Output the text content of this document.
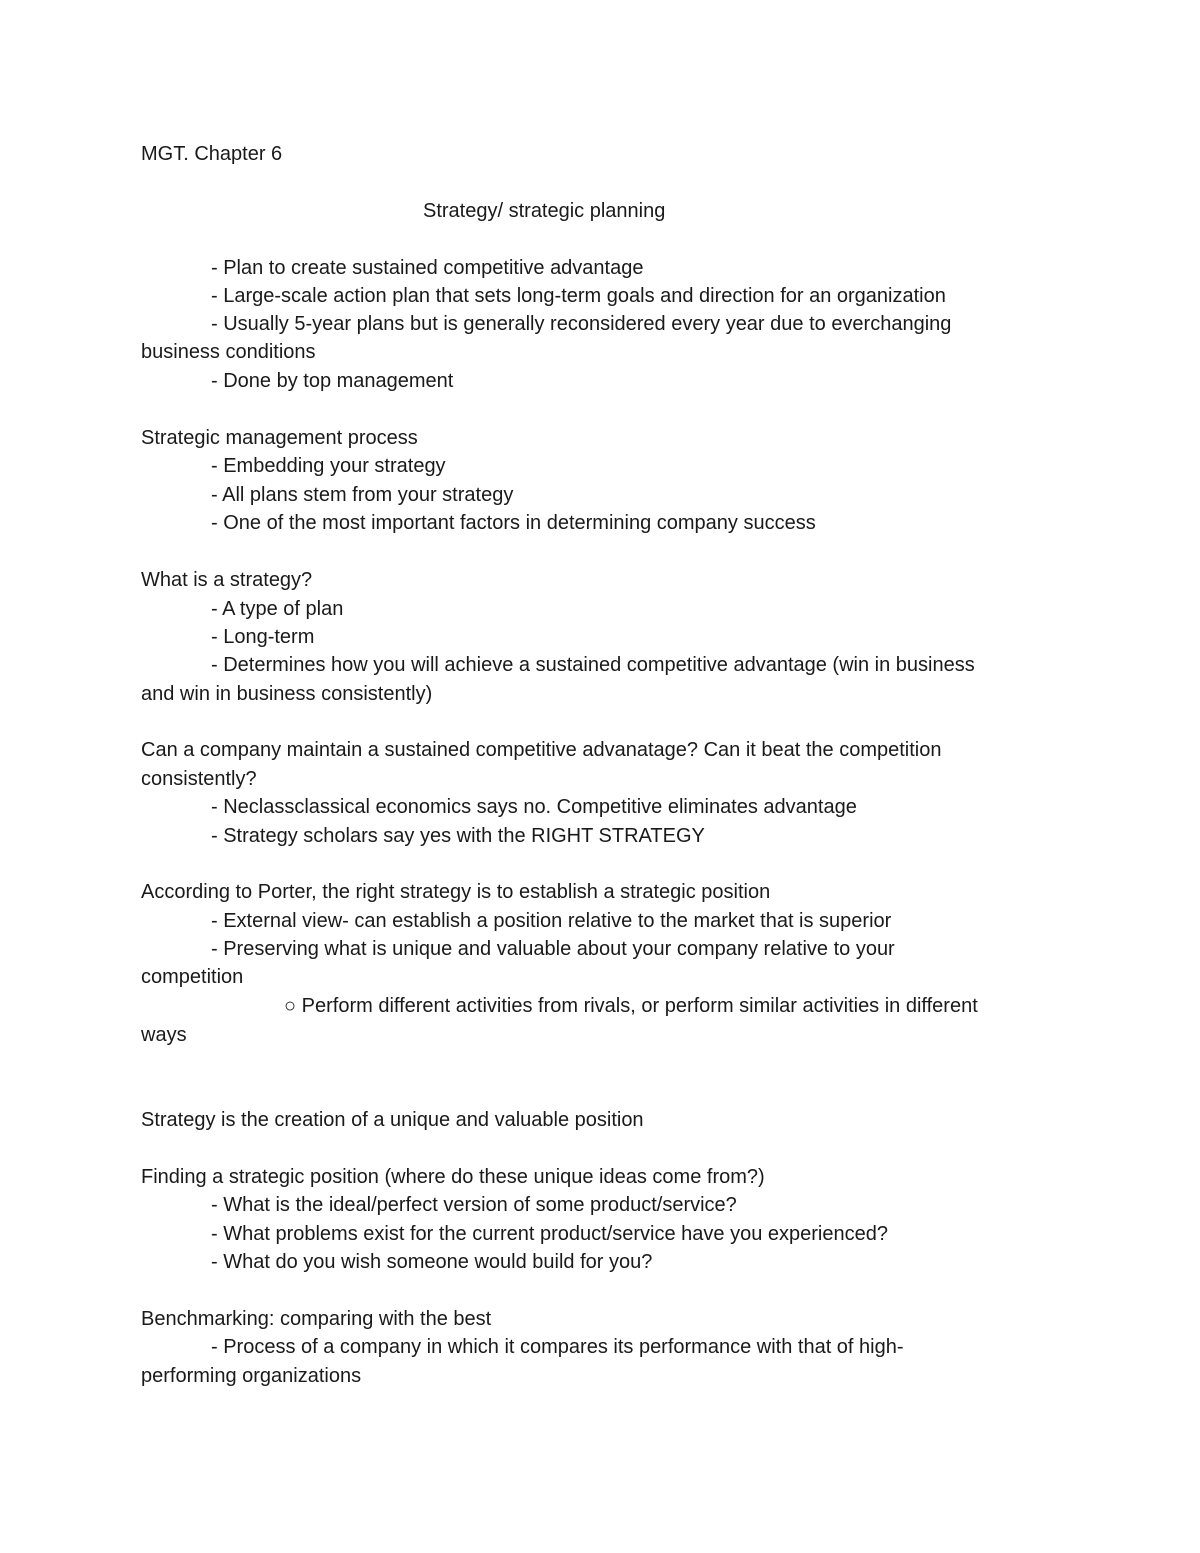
MGT. Chapter 6

Strategy/ strategic planning

- Plan to create sustained competitive advantage

- Large-scale action plan that sets long-term goals and direction for an organization

- Usually 5-year plans but is generally reconsidered every year due to everchanging

business conditions

- Done by top management

Strategic management process

- Embedding your strategy

- All plans stem from your strategy

- One of the most important factors in determining company success

What is a strategy?

- A type of plan

- Long-term

- Determines how you will achieve a sustained competitive advantage (win in business

and win in business consistently)

Can a company maintain a sustained competitive advanatage? Can it beat the competition

consistently?

- Neclassclassical economics says no. Competitive eliminates advantage

- Strategy scholars say yes with the RIGHT STRATEGY

According to Porter, the right strategy is to establish a strategic position

- External view- can establish a position relative to the market that is superior

- Preserving what is unique and valuable about your company relative to your

competition

○ Perform different activities from rivals, or perform similar activities in different

ways

Strategy is the creation of a unique and valuable position

Finding a strategic position (where do these unique ideas come from?)

- What is the ideal/perfect version of some product/service?

- What problems exist for the current product/service have you experienced?

- What do you wish someone would build for you?

Benchmarking: comparing with the best

- Process of a company in which it compares its performance with that of high-

performing organizations
